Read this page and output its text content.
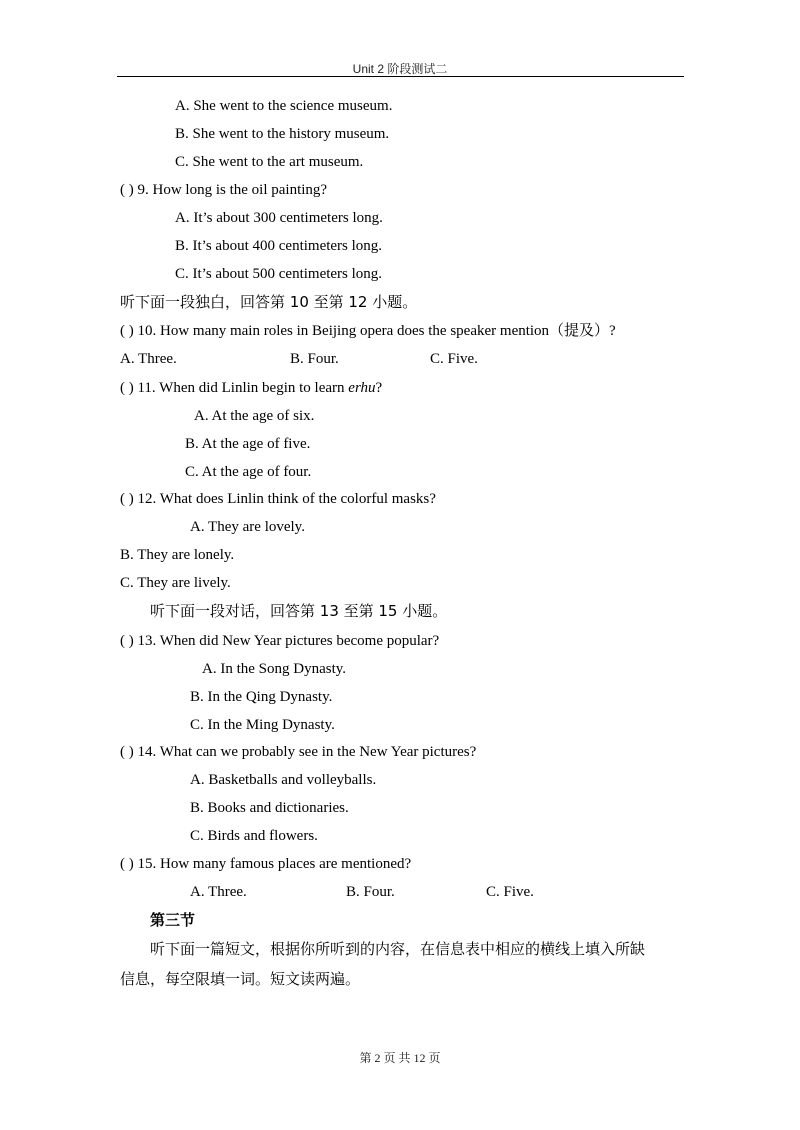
Unit 2 阶段测试二
A. She went to the science museum.
B. She went to the history museum.
C. She went to the art museum.
( ) 9. How long is the oil painting?
A. It’s about 300 centimeters long.
B. It’s about 400 centimeters long.
C. It’s about 500 centimeters long.
听下面一段独白，回答第 10 至第 12 小题。
( ) 10. How many main roles in Beijing opera does the speaker mention（提及）?
A. Three.	B. Four.	C. Five.
( ) 11. When did Linlin begin to learn erhu?
A. At the age of six.
B. At the age of five.
C. At the age of four.
( ) 12. What does Linlin think of the colorful masks?
A. They are lovely.
B. They are lonely.
C. They are lively.
听下面一段对话，回答第 13 至第 15 小题。
( ) 13. When did New Year pictures become popular?
A. In the Song Dynasty.
B. In the Qing Dynasty.
C. In the Ming Dynasty.
( ) 14. What can we probably see in the New Year pictures?
A. Basketballs and volleyballs.
B. Books and dictionaries.
C. Birds and flowers.
( ) 15. How many famous places are mentioned?
A. Three.	B. Four.	C. Five.
第三节
听下面一篇短文，根据你所听到的内容，在信息表中相应的横线上填入所缺
信息，每空限填一词。短文读两遍。
第 2 页 共 12 页
